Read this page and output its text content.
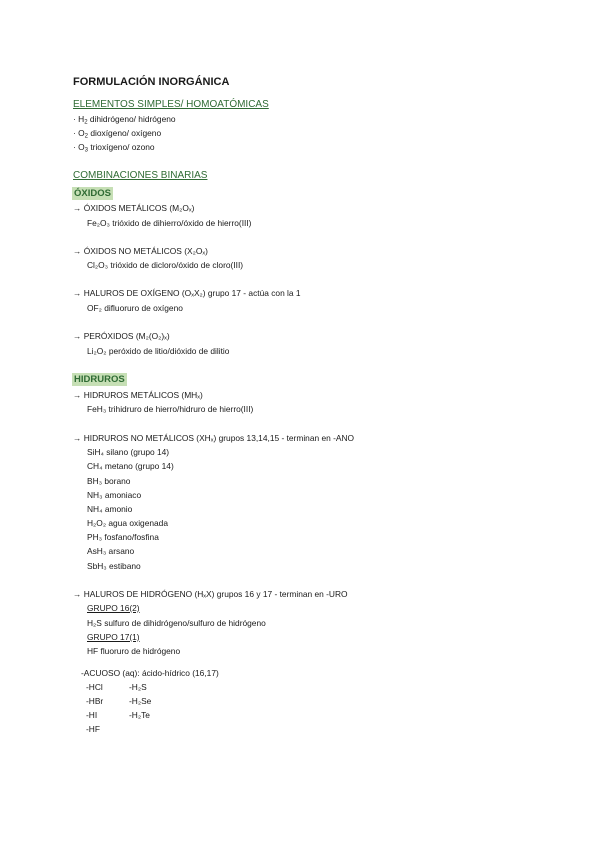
FORMULACIÓN INORGÁNICA
ELEMENTOS SIMPLES/ HOMOATÓMICAS
· $H_2$ dihidrógeno/ hidrógeno
· $O_2$ dioxígeno/ oxígeno
· $O_3$ trioxígeno/ ozono
COMBINACIONES BINARIAS
ÓXIDOS
→ ÓXIDOS METÁLICOS (M₂Oₓ)
Fe₂O₃ trióxido de dihierro/óxido de hierro(III)
→ ÓXIDOS NO METÁLICOS (X₂Oₓ)
Cl₂O₃ trióxido de dicloro/óxido de cloro(III)
→ HALUROS DE OXÍGENO (OₓX₂) grupo 17 - actúa con la 1
OF₂ difluoruro de oxígeno
→ PERÓXIDOS (M₂(O₂)ₓ)
Li₂O₂ peróxido de litio/dióxido de dilitio
HIDRUROS
→ HIDRUROS METÁLICOS (MHₓ)
FeH₃ trihidruro de hierro/hidruro de hierro(III)
→ HIDRUROS NO METÁLICOS (XHₓ) grupos 13,14,15 - terminan en -ANO
SiH₄ silano (grupo 14)
CH₄ metano (grupo 14)
BH₃ borano
NH₃ amoniaco
NH₄ amonio
H₂O₂ agua oxigenada
PH₃ fosfano/fosfina
AsH₃ arsano
SbH₃ estibano
→ HALUROS DE HIDRÓGENO (HₓX) grupos 16 y 17 - terminan en -URO
GRUPO 16(2)
H₂S sulfuro de dihidrógeno/sulfuro de hidrógeno
GRUPO 17(1)
HF fluoruro de hidrógeno
-ACUOSO (aq): ácido-hídrico (16,17)
-HCl
-HBr
-HI
-HF
-H₂S
-H₂Se
-H₂Te
